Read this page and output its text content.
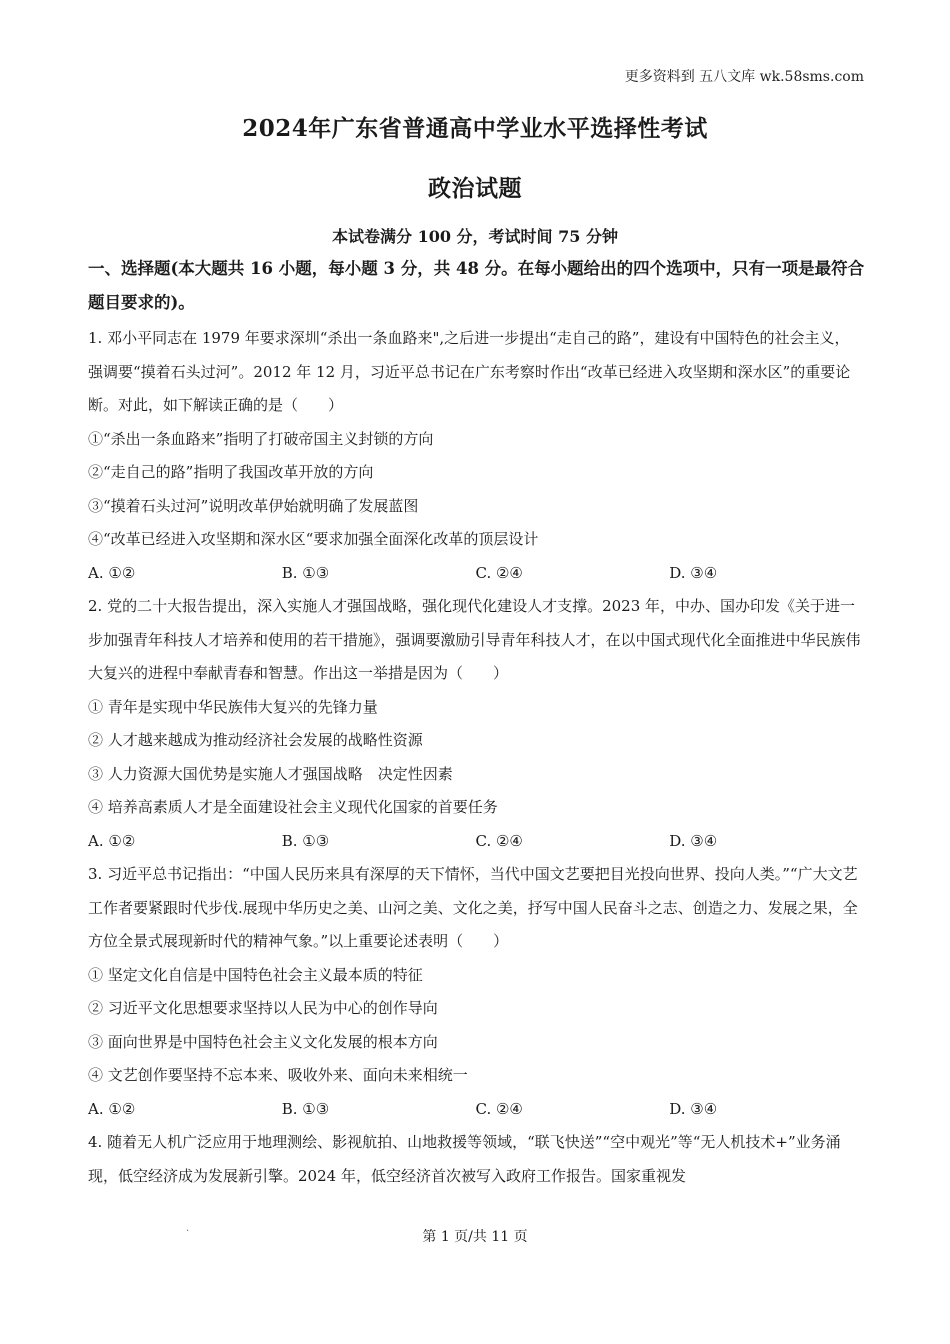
更多资料到 五八文库 wk.58sms.com
2024年广东省普通高中学业水平选择性考试
政治试题
本试卷满分 100 分，考试时间 75 分钟
一、选择题(本大题共 16 小题，每小题 3 分，共 48 分。在每小题给出的四个选项中，只有一项是最符合题目要求的)。
1. 邓小平同志在 1979 年要求深圳“杀出一条血路来",之后进一步提出“走自己的路”，建设有中国特色的社会主义，强调要“摸着石头过河”。2012 年 12 月，习近平总书记在广东考察时作出“改革已经进入攻坚期和深水区”的重要论断。对此，如下解读正确的是（　　）
①“杀出一条血路来”指明了打破帝国主义封锁的方向
②“走自己的路”指明了我国改革开放的方向
③“摸着石头过河”说明改革伊始就明确了发展蓝图
④“改革已经进入攻坚期和深水区“要求加强全面深化改革的顶层设计
A. ①②	B. ①③	C. ②④	D. ③④
2. 党的二十大报告提出，深入实施人才强国战略，强化现代化建设人才支撑。2023 年，中办、国办印发《关于进一步加强青年科技人才培养和使用的若干措施》，强调要激励引导青年科技人才，在以中国式现代化全面推进中华民族伟大复兴的进程中奉献青春和智慧。作出这一举措是因为（　　）
① 青年是实现中华民族伟大复兴的先锋力量
② 人才越来越成为推动经济社会发展的战略性资源
③ 人力资源大国优势是实施人才强国战略　决定性因素
④ 培养高素质人才是全面建设社会主义现代化国家的首要任务
A. ①②	B. ①③	C. ②④	D. ③④
3. 习近平总书记指出：“中国人民历来具有深厚的天下情怀，当代中国文艺要把目光投向世界、投向人类。”“广大文艺工作者要紧跟时代步伐.展现中华历史之美、山河之美、文化之美，抒写中国人民奋斗之志、创造之力、发展之果，全方位全景式展现新时代的精神气象。”以上重要论述表明（　　）
① 坚定文化自信是中国特色社会主义最本质的特征
② 习近平文化思想要求坚持以人民为中心的创作导向
③ 面向世界是中国特色社会主义文化发展的根本方向
④ 文艺创作要坚持不忘本来、吸收外来、面向未来相统一
A. ①②	B. ①③	C. ②④	D. ③④
4. 随着无人机广泛应用于地理测绘、影视航拍、山地救援等领域，“联飞快送”“空中观光”等“无人机技术+”业务涌现，低空经济成为发展新引擎。2024 年，低空经济首次被写入政府工作报告。国家重视发
·	第 1 页/共 11 页
